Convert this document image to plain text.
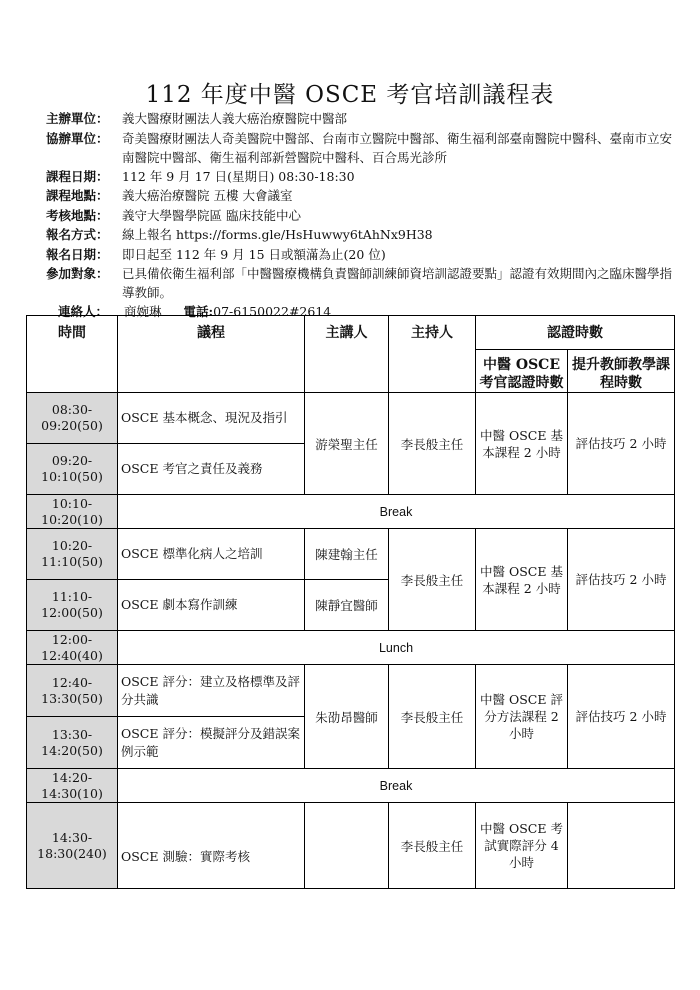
112 年度中醫 OSCE 考官培訓議程表
主辦單位：	義大醫療財團法人義大癌治療醫院中醫部
協辦單位：	奇美醫療財團法人奇美醫院中醫部、台南市立醫院中醫部、衛生福利部臺南醫院中醫科、臺南市立安南醫院中醫部、衛生福利部新營醫院中醫科、百合馬光診所
課程日期：	112 年 9 月 17 日(星期日) 08:30-18:30
課程地點：	義大癌治療醫院 五樓 大會議室
考核地點：	義守大學醫學院區 臨床技能中心
報名方式：	線上報名 https://forms.gle/HsHuwwy6tAhNx9H38
報名日期：	即日起至 112 年 9 月 15 日或額滿為止(20 位)
參加對象：	已具備依衛生福利部「中醫醫療機構負責醫師訓練師資培訓認證要點」認證有效期間內之臨床醫學指導教師。
連絡人：	商婉琳 電話: 07-6150022#2614
時間	議程	主講人	主持人	認證時數	
				中醫 OSCE 考官認證時數	提升教師教學課程時數
08:30-09:20(50)	OSCE 基本概念、現況及指引	游榮聖主任	李長般主任	中醫 OSCE 基本課程 2 小時	評估技巧 2 小時
09:20-10:10(50)	OSCE 考官之責任及義務				
10:10-10:20(10)	Break				
10:20-11:10(50)	OSCE 標準化病人之培訓	陳建翰主任	李長般主任	中醫 OSCE 基本課程 2 小時	評估技巧 2 小時
11:10-12:00(50)	OSCE 劇本寫作訓練	陳靜宜醫師			
12:00-12:40(40)	Lunch				
12:40-13:30(50)	OSCE 評分：建立及格標準及評分共識	朱劭昂醫師	李長般主任	中醫 OSCE 評分方法課程 2 小時	評估技巧 2 小時
13:30-14:20(50)	OSCE 評分：模擬評分及錯誤案例示範				
14:20-14:30(10)	Break				
14:30-18:30(240)	OSCE 測驗：實際考核		李長般主任	中醫 OSCE 考試實際評分 4 小時	
